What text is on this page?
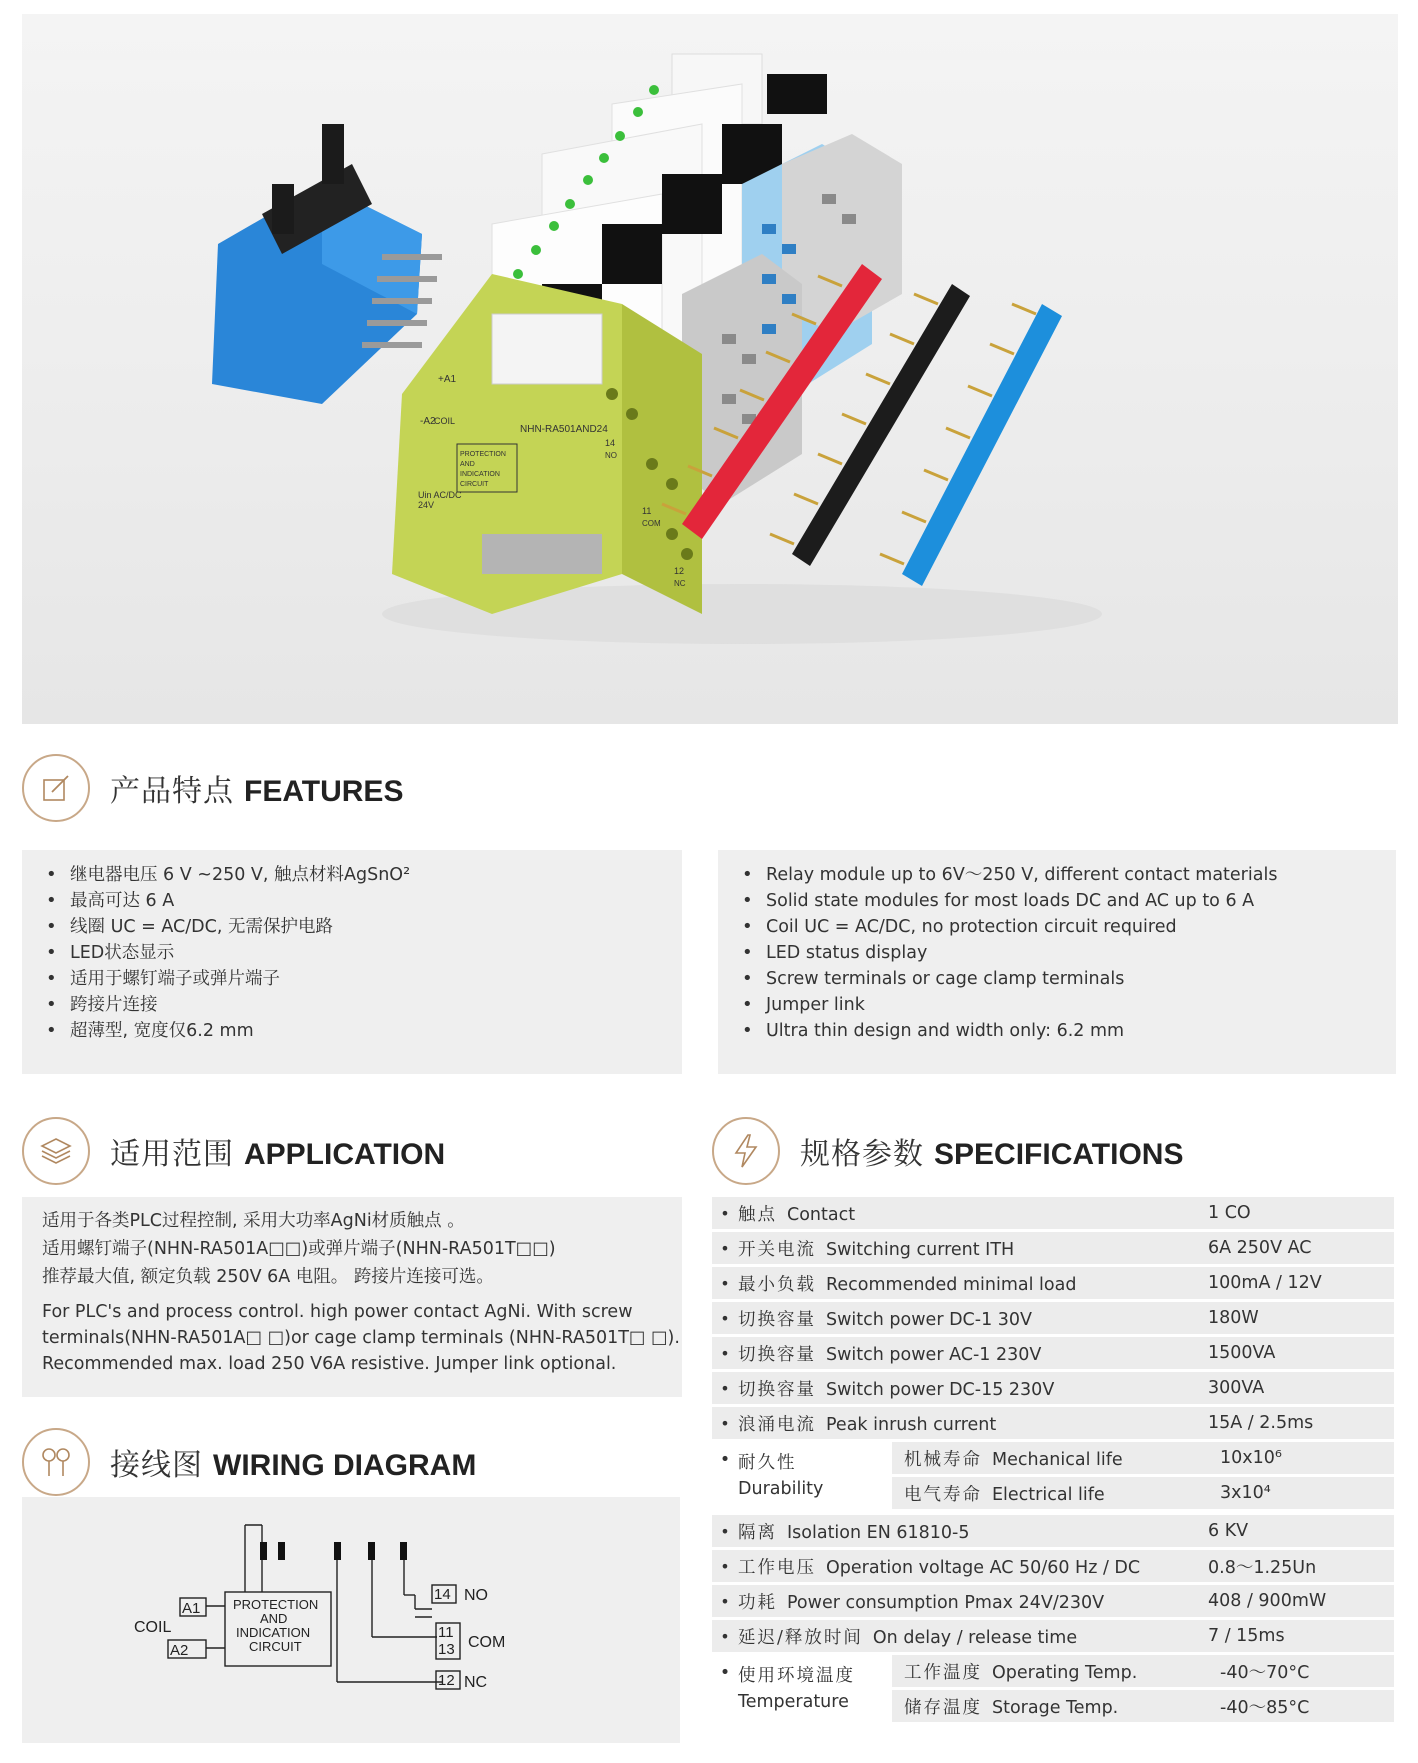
NHN-RA501AND24
+A1
-A2
COIL
PROTECTION
AND
INDICATION
CIRCUIT
Uin AC/DC
24V
14
NO
11
COM
12
NC
产品特点 FEATURES
• 继电器电压 6 V ~250 V, 触点材料AgSnO²
• 最高可达 6 A
• 线圈 UC = AC/DC, 无需保护电路
• LED状态显示
• 适用于螺钉端子或弹片端子
• 跨接片连接
• 超薄型, 宽度仅6.2 mm
• Relay module up to 6V～250 V, different contact materials
• Solid state modules for most loads DC and AC up to 6 A
• Coil UC = AC/DC, no protection circuit required
• LED status display
• Screw terminals or cage clamp terminals
• Jumper link
• Ultra thin design and width only: 6.2 mm
适用范围 APPLICATION	规格参数 SPECIFICATIONS
适用于各类PLC过程控制, 采用大功率AgNi材质触点 。
适用螺钉端子(NHN-RA501A□□)或弹片端子(NHN-RA501T□□)
推荐最大值, 额定负载 250V 6A 电阻。 跨接片连接可选。
For PLC's and process control. high power contact AgNi. With screw
terminals(NHN-RA501A□ □)or cage clamp terminals (NHN-RA501T□ □).
Recommended max. load 250 V6A resistive. Jumper link optional.
• 触点 Contact	1 CO
• 开关电流 Switching current ITH	6A 250V AC
• 最小负载 Recommended minimal load	100mA / 12V
• 切换容量 Switch power DC-1 30V	180W
• 切换容量 Switch power AC-1 230V	1500VA
• 切换容量 Switch power DC-15 230V	300VA
• 浪涌电流 Peak inrush current	15A / 2.5ms
• 耐久性
Durability
机械寿命 Mechanical life	10x10⁶
电气寿命 Electrical life	3x10⁴
• 隔离 Isolation EN 61810-5	6 KV
• 工作电压 Operation voltage AC 50/60 Hz / DC	0.8～1.25Un
• 功耗 Power consumption Pmax 24V/230V	408 / 900mW
• 延迟/释放时间 On delay / release time	7 / 15ms
• 使用环境温度
Temperature
工作温度 Operating Temp.	-40～70°C
储存温度 Storage Temp.	-40～85°C
接线图 WIRING DIAGRAM
COIL
A1
A2
PROTECTION
AND
INDICATION
CIRCUIT
14 NO
11
13 COM
12 NC
